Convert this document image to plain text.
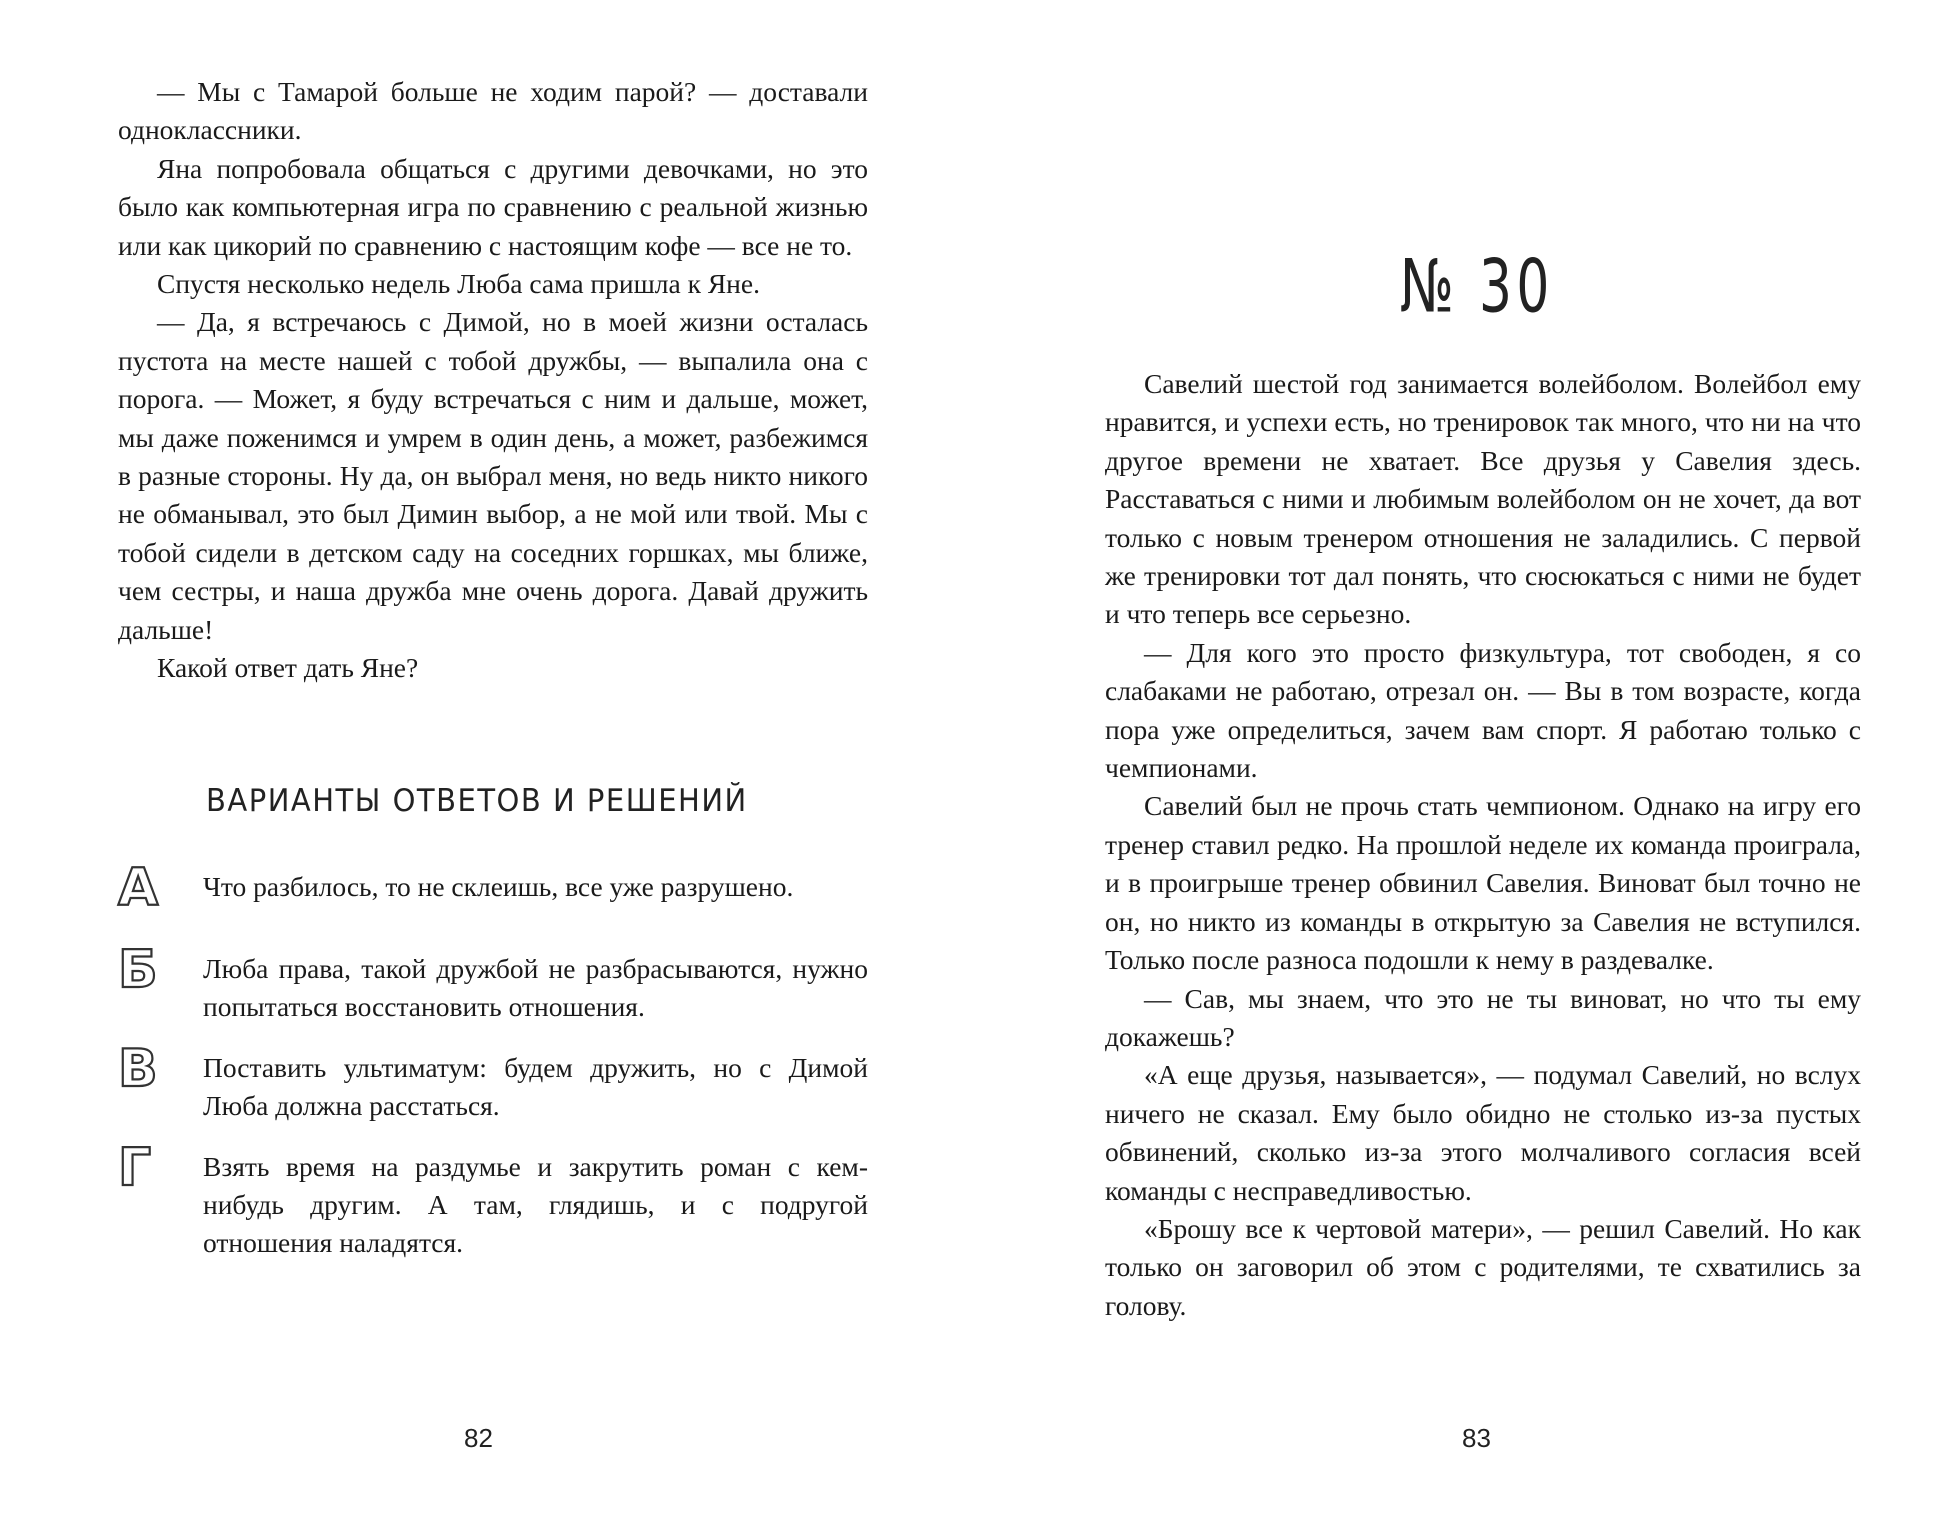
— Мы с Тамарой больше не ходим парой? — доставали одноклассники.

Яна попробовала общаться с другими девочками, но это было как компьютерная игра по сравнению с реальной жизнью или как цикорий по сравнению с настоящим кофе — все не то.

Спустя несколько недель Люба сама пришла к Яне.

— Да, я встречаюсь с Димой, но в моей жизни осталась пустота на месте нашей с тобой дружбы, — выпалила она с порога. — Может, я буду встречаться с ним и дальше, может, мы даже поженимся и умрем в один день, а может, разбежимся в разные стороны. Ну да, он выбрал меня, но ведь никто никого не обманывал, это был Димин выбор, а не мой или твой. Мы с тобой сидели в детском саду на соседних горшках, мы ближе, чем сестры, и наша дружба мне очень дорога. Давай дружить дальше!

Какой ответ дать Яне?

ВАРИАНТЫ ОТВЕТОВ И РЕШЕНИЙ
А Что разбилось, то не склеишь, все уже разрушено.
Б	Люба права, такой дружбой не разбрасываются, нужно попытаться восстановить отношения.
В	Поставить ультиматум: будем дружить, но с Димой Люба должна расстаться.
Г	Взять время на раздумье и закрутить роман с кем-нибудь другим. А там, глядишь, и с подругой отношения наладятся.
82
№ 30

Савелий шестой год занимается волейболом. Волейбол ему нравится, и успехи есть, но тренировок так много, что ни на что другое времени не хватает. Все друзья у Савелия здесь. Расставаться с ними и любимым волейболом он не хочет, да вот только с новым тренером отношения не заладились. С первой же тренировки тот дал понять, что сюсюкаться с ними не будет и что теперь все серьезно.

— Для кого это просто физкультура, тот свободен, я со слабаками не работаю, отрезал он. — Вы в том возрасте, когда пора уже определиться, зачем вам спорт. Я работаю только с чемпионами.

Савелий был не прочь стать чемпионом. Однако на игру его тренер ставил редко. На прошлой неделе их команда проиграла, и в проигрыше тренер обвинил Савелия. Виноват был точно не он, но никто из команды в открытую за Савелия не вступился. Только после разноса подошли к нему в раздевалке.

— Сав, мы знаем, что это не ты виноват, но что ты ему докажешь?

«А еще друзья, называется», — подумал Савелий, но вслух ничего не сказал. Ему было обидно не столько из-за пустых обвинений, сколько из-за этого молчаливого согласия всей команды с несправедливостью.

«Брошу все к чертовой матери», — решил Савелий. Но как только он заговорил об этом с родителями, те схватились за голову.

83
